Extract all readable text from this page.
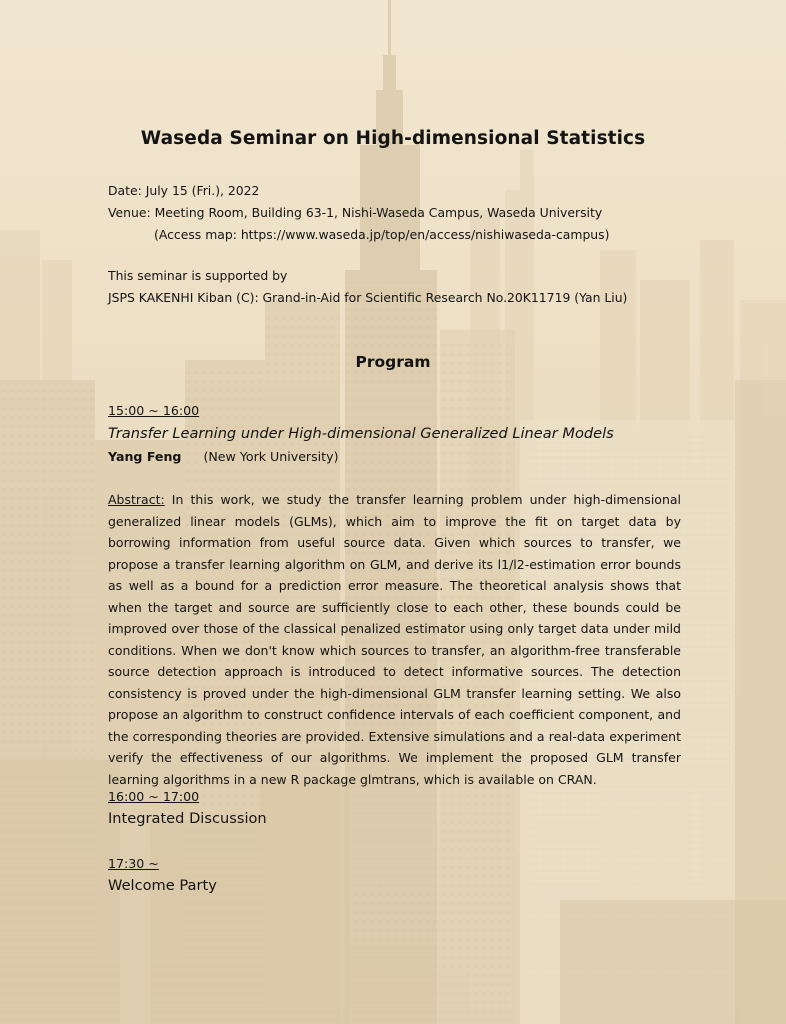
Waseda Seminar on High-dimensional Statistics
Date: July 15 (Fri.), 2022
Venue: Meeting Room, Building 63-1, Nishi-Waseda Campus, Waseda University
(Access map: https://www.waseda.jp/top/en/access/nishiwaseda-campus)
This seminar is supported by
JSPS KAKENHI Kiban (C): Grand-in-Aid for Scientific Research No.20K11719 (Yan Liu)
Program
15:00 ~ 16:00
Transfer Learning under High-dimensional Generalized Linear Models
Yang Feng (New York University)
Abstract: In this work, we study the transfer learning problem under high-dimensional generalized linear models (GLMs), which aim to improve the fit on target data by borrowing information from useful source data. Given which sources to transfer, we propose a transfer learning algorithm on GLM, and derive its l1/l2-estimation error bounds as well as a bound for a prediction error measure. The theoretical analysis shows that when the target and source are sufficiently close to each other, these bounds could be improved over those of the classical penalized estimator using only target data under mild conditions. When we don't know which sources to transfer, an algorithm-free transferable source detection approach is introduced to detect informative sources. The detection consistency is proved under the high-dimensional GLM transfer learning setting. We also propose an algorithm to construct confidence intervals of each coefficient component, and the corresponding theories are provided. Extensive simulations and a real-data experiment verify the effectiveness of our algorithms. We implement the proposed GLM transfer learning algorithms in a new R package glmtrans, which is available on CRAN.
16:00 ~ 17:00
Integrated Discussion
17:30 ~
Welcome Party
